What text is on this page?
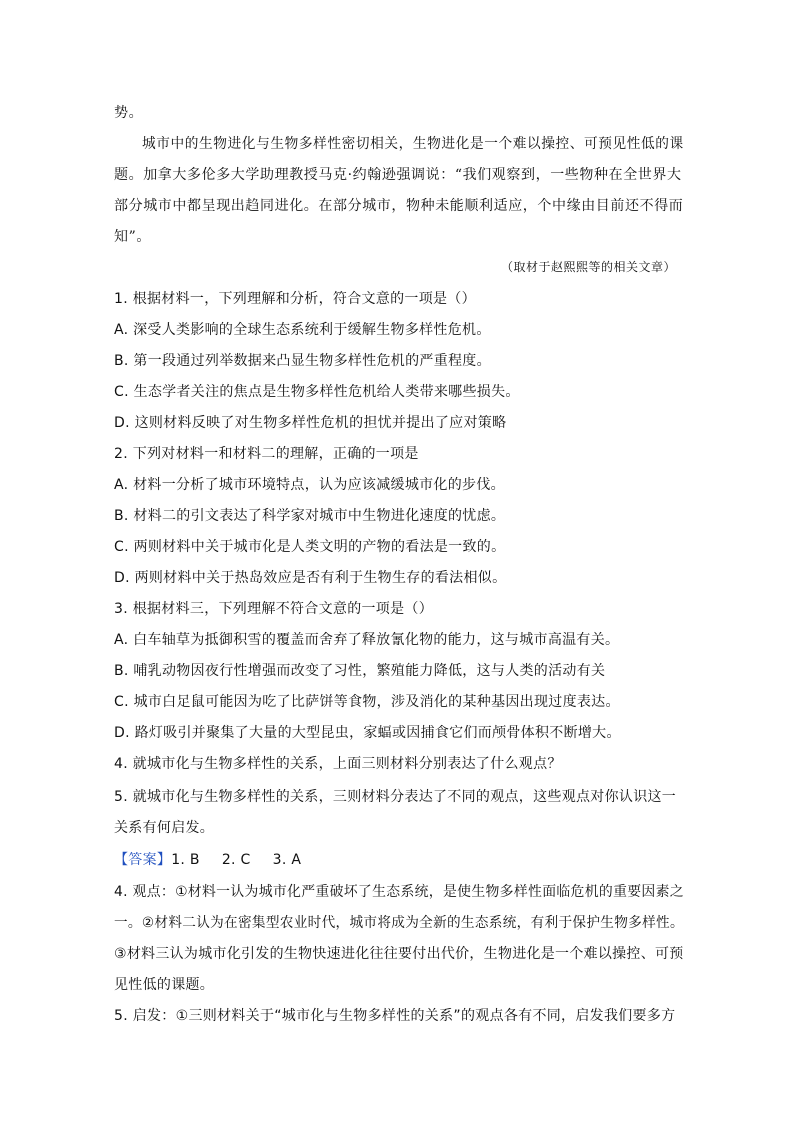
势。
城市中的生物进化与生物多样性密切相关，生物进化是一个难以操控、可预见性低的课
题。加拿大多伦多大学助理教授马克·约翰逊强调说：“我们观察到，一些物种在全世界大
部分城市中都呈现出趋同进化。在部分城市，物种未能顺利适应，个中缘由目前还不得而
知”。
（取材于赵熙熙等的相关文章）
1. 根据材料一，下列理解和分析，符合文意的一项是（）
A. 深受人类影响的全球生态系统利于缓解生物多样性危机。
B. 第一段通过列举数据来凸显生物多样性危机的严重程度。
C. 生态学者关注的焦点是生物多样性危机给人类带来哪些损失。
D. 这则材料反映了对生物多样性危机的担忧并提出了应对策略
2. 下列对材料一和材料二的理解，正确的一项是
A. 材料一分析了城市环境特点，认为应该减缓城市化的步伐。
B. 材料二的引文表达了科学家对城市中生物进化速度的忧虑。
C. 两则材料中关于城市化是人类文明的产物的看法是一致的。
D. 两则材料中关于热岛效应是否有利于生物生存的看法相似。
3. 根据材料三，下列理解不符合文意的一项是（）
A. 白车轴草为抵御积雪的覆盖而舍弃了释放氰化物的能力，这与城市高温有关。
B. 哺乳动物因夜行性增强而改变了习性，繁殖能力降低，这与人类的活动有关
C. 城市白足鼠可能因为吃了比萨饼等食物，涉及消化的某种基因出现过度表达。
D. 路灯吸引并聚集了大量的大型昆虫，家蝠或因捕食它们而颅骨体积不断增大。
4. 就城市化与生物多样性的关系，上面三则材料分别表达了什么观点？
5. 就城市化与生物多样性的关系，三则材料分表达了不同的观点，这些观点对你认识这一
关系有何启发。
【答案】1. B 2. C 3. A
4. 观点：①材料一认为城市化严重破坏了生态系统，是使生物多样性面临危机的重要因素之
一。②材料二认为在密集型农业时代，城市将成为全新的生态系统，有利于保护生物多样性。
③材料三认为城市化引发的生物快速进化往往要付出代价，生物进化是一个难以操控、可预
见性低的课题。
5. 启发：①三则材料关于“城市化与生物多样性的关系”的观点各有不同，启发我们要多方
